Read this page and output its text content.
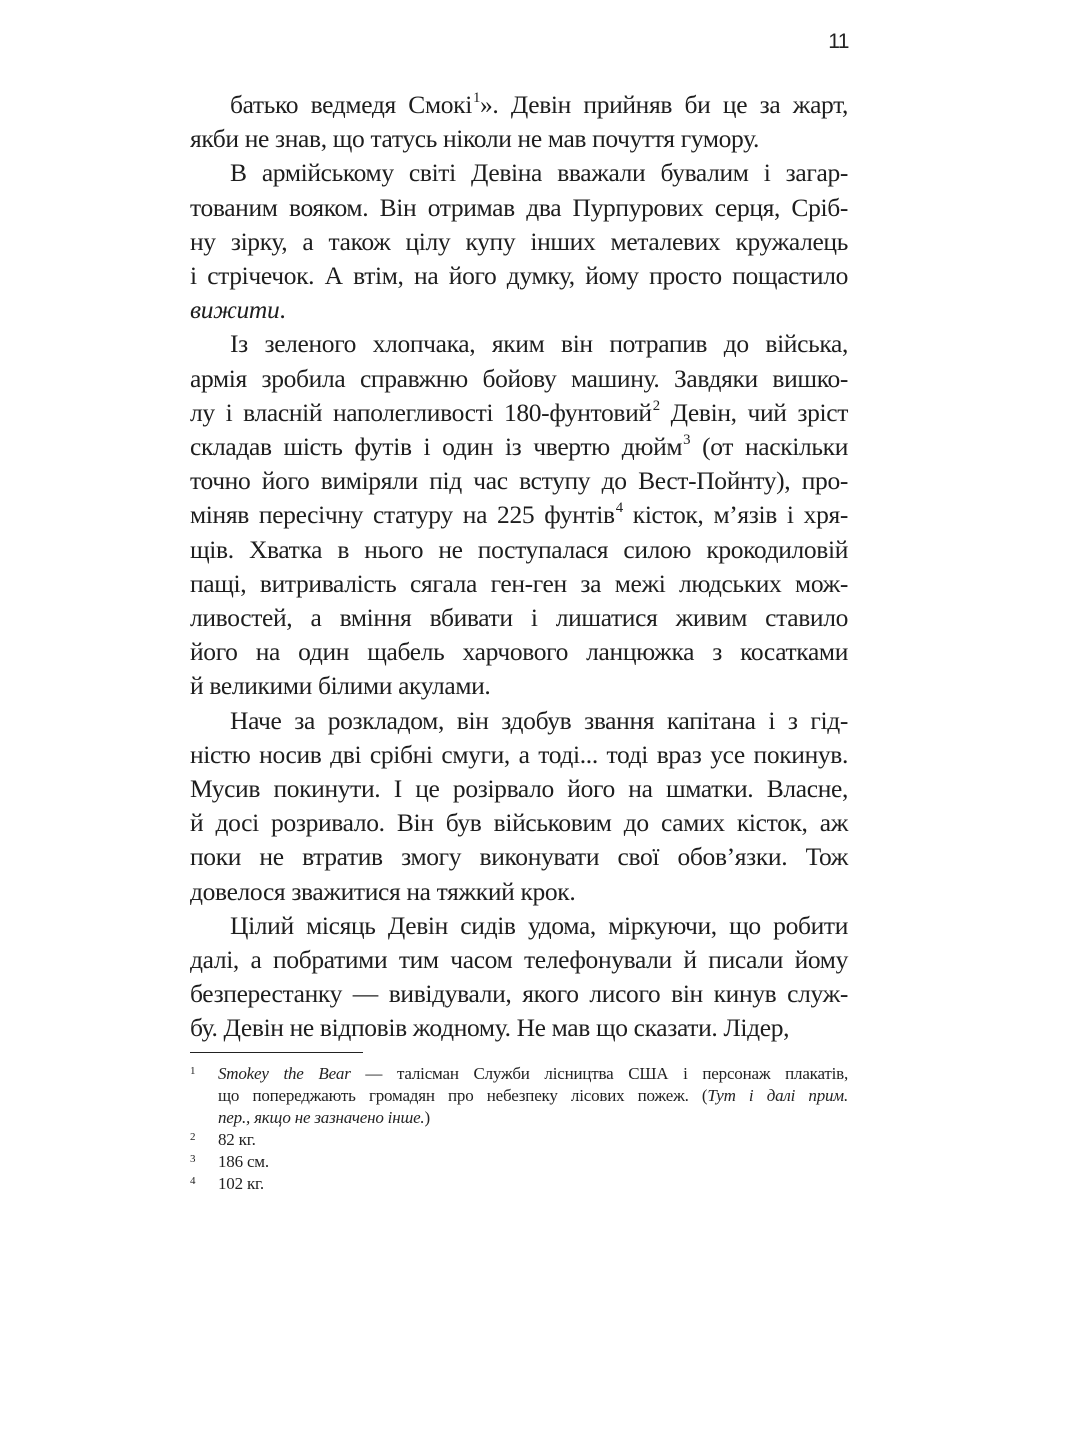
11
батько ведмедя Смокі$^1$». Девін прийняв би це за жарт,
якби не знав, що татусь ніколи не мав почуття гумору.
В армійському світі Девіна вважали бувалим і загар-
тованим вояком. Він отримав два Пурпурових серця, Сріб-
ну зірку, а також цілу купу інших металевих кружалець
і стрічечок. А втім, на його думку, йому просто пощастило
вижити.
Із зеленого хлопчака, яким він потрапив до війська,
армія зробила справжню бойову машину. Завдяки вишко-
лу і власній наполегливості 180-фунтовий$^2$ Девін, чий зріст
складав шість футів і один із чвертю дюйм$^3$ (от наскільки
точно його виміряли під час вступу до Вест-Пойнту), про-
міняв пересічну статуру на 225 фунтів$^4$ кісток, м’язів і хря-
щів. Хватка в нього не поступалася силою крокодиловій
пащі, витривалість сягала ген-ген за межі людських мож-
ливостей, а вміння вбивати і лишатися живим ставило
його на один щабель харчового ланцюжка з косатками
й великими білими акулами.
Наче за розкладом, він здобув звання капітана і з гід-
ністю носив дві срібні смуги, а тоді... тоді враз усе покинув.
Мусив покинути. І це розірвало його на шматки. Власне,
й досі розривало. Він був військовим до самих кісток, аж
поки не втратив змогу виконувати свої обов’язки. Тож
довелося зважитися на тяжкий крок.
Цілий місяць Девін сидів удома, міркуючи, що робити
далі, а побратими тим часом телефонували й писали йому
безперестанку — вивідували, якого лисого він кинув служ-
бу. Девін не відповів жодному. Не мав що сказати. Лідер,
1 Smokey the Bear — талісман Служби лісництва США і персонаж плакатів,
що попереджають громадян про небезпеку лісових пожеж. (Тут і далі прим.
пер., якщо не зазначено інше.)
2 82 кг.
3 186 см.
4 102 кг.
